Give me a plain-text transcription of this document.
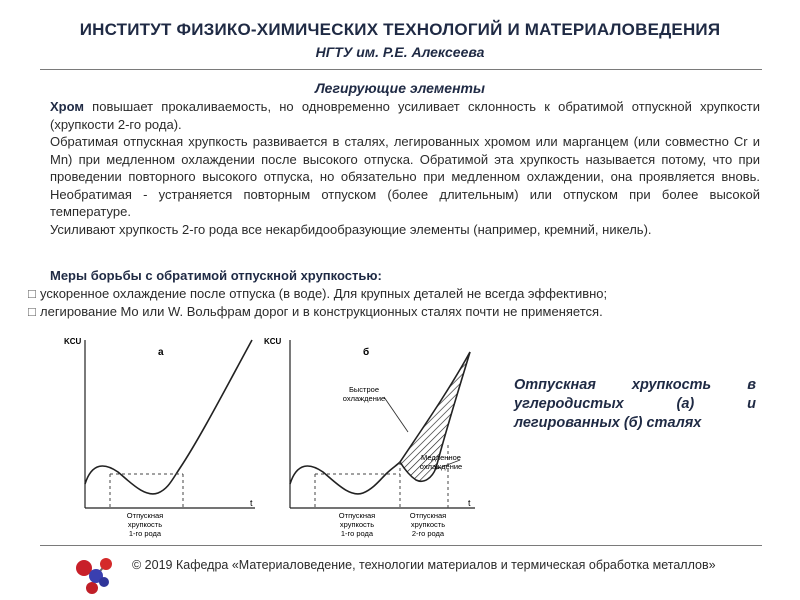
ИНСТИТУТ ФИЗИКО-ХИМИЧЕСКИХ ТЕХНОЛОГИЙ И МАТЕРИАЛОВЕДЕНИЯ
НГТУ им. Р.Е. Алексеева
Легирующие элементы

Хром повышает прокаливаемость, но одновременно усиливает склонность к обратимой отпускной хрупкости (хрупкости 2-го рода).

Обратимая отпускная хрупкость развивается в сталях, легированных хромом или марганцем (или совместно Cr и Mn) при медленном охлаждении после высокого отпуска. Обратимой эта хрупкость называется потому, что при проведении повторного высокого отпуска, но обязательно при медленном охлаждении, она проявляется вновь. Необратимая - устраняется повторным отпуском (более длительным) или отпуском при более высокой температуре.

Усиливают хрупкость 2-го рода все некарбидообразующие элементы (например, кремний, никель).

Меры борьбы с обратимой отпускной хрупкостью:
□ ускоренное охлаждение после отпуска (в воде). Для крупных деталей не всегда эффективно;
□ легирование Mo или W. Вольфрам дорог и в конструкционных сталях почти не применяется.
KCU
t
а
Отпускная
хрупкость
1-го рода
KCU
t
б
Быстрое
охлаждение
Медленное
охлаждение
Отпускная
хрупкость
1-го рода
Отпускная
хрупкость
2-го рода
Отпускная хрупкость в углеродистых (а) и легированных (б) сталях
© 2019 Кафедра «Материаловедение, технологии материалов и термическая обработка металлов»
